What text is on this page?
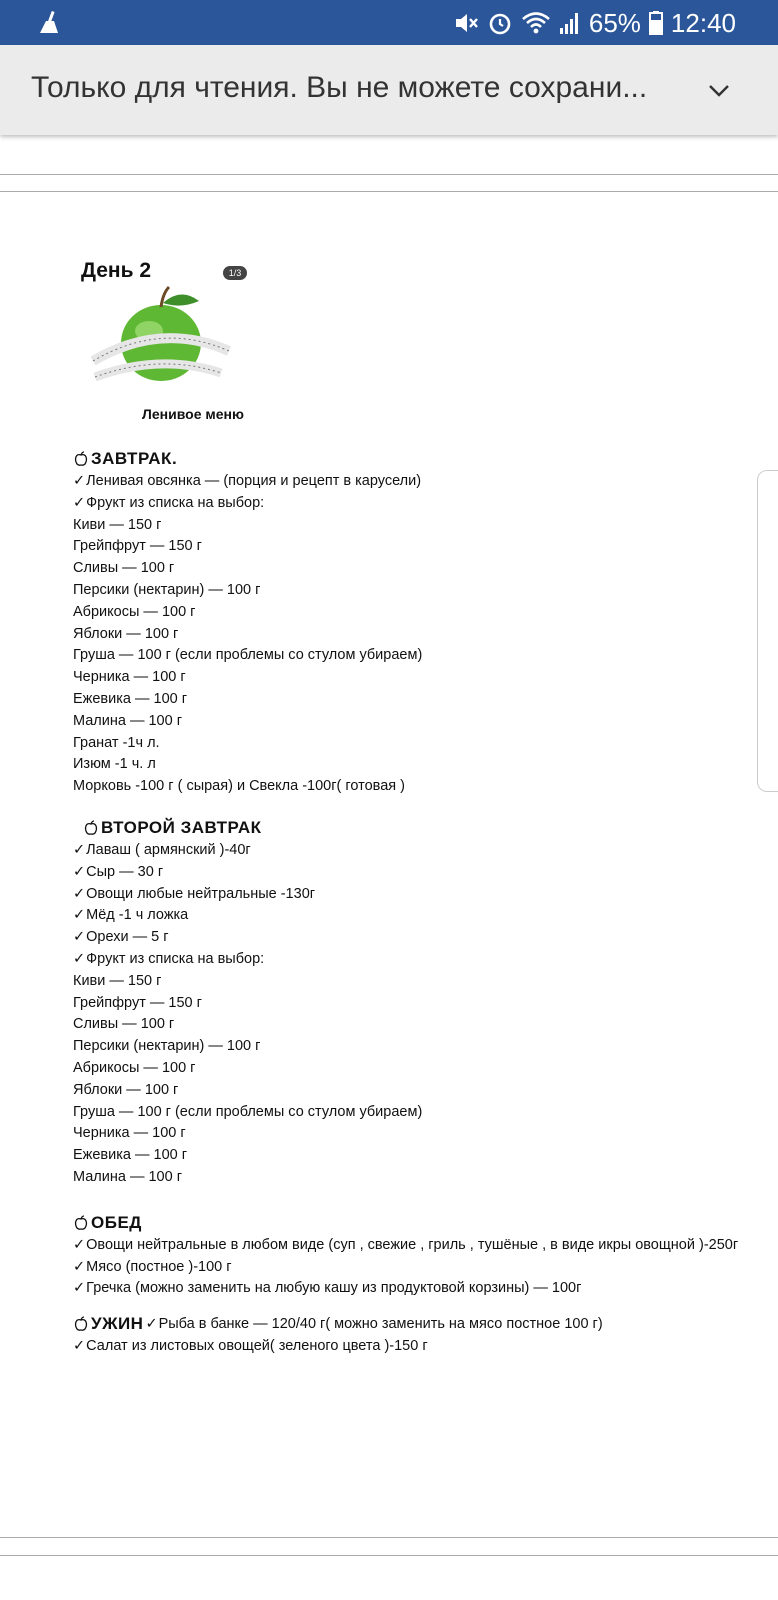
65% 12:40
Только для чтения. Вы не можете сохрани...
День 2	1/3
Ленивое меню
ЗАВТРАК.
✓ Ленивая овсянка — (порция и рецепт в карусели)
✓ Фрукт из списка на выбор:
Киви — 150 г
Грейпфрут — 150 г
Сливы — 100 г
Персики (нектарин) — 100 г
Абрикосы — 100 г
Яблоки — 100 г
Груша — 100 г (если проблемы со стулом убираем)
Черника — 100 г
Ежевика — 100 г
Малина — 100 г
Гранат -1ч л.
Изюм -1 ч. л
Морковь -100 г ( сырая) и Свекла -100г( готовая )
ВТОРОЙ ЗАВТРАК
✓ Лаваш ( армянский )-40г
✓ Сыр — 30 г
✓ Овощи любые нейтральные -130г
✓ Мёд -1 ч ложка
✓ Орехи — 5 г
✓ Фрукт из списка на выбор:
Киви — 150 г
Грейпфрут — 150 г
Сливы — 100 г
Персики (нектарин) — 100 г
Абрикосы — 100 г
Яблоки — 100 г
Груша — 100 г (если проблемы со стулом убираем)
Черника — 100 г
Ежевика — 100 г
Малина — 100 г
ОБЕД
✓ Овощи нейтральные в любом виде (суп , свежие , гриль , тушёные , в виде икры овощной )-250г
✓ Мясо (постное )-100 г
✓ Гречка (можно заменить на любую кашу из продуктовой корзины) — 100г
УЖИН	✓ Рыба в банке — 120/40 г( можно заменить на мясо постное 100 г)
✓ Салат из листовых овощей( зеленого цвета )-150 г
